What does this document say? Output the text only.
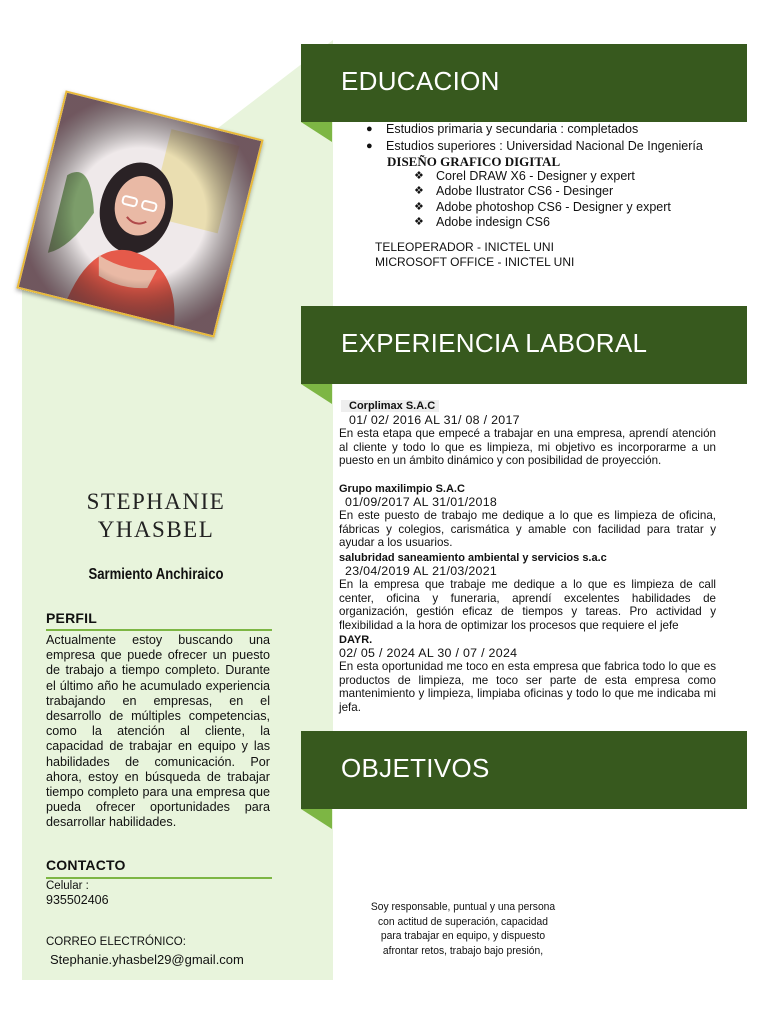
STEPHANIE
YHASBEL
Sarmiento Anchiraico
PERFIL
Actualmente estoy buscando una empresa que puede ofrecer un puesto de trabajo a tiempo completo. Durante el último año he acumulado experiencia trabajando en empresas, en el desarrollo de múltiples competencias, como la atención al cliente, la capacidad de trabajar en equipo y las habilidades de comunicación. Por ahora, estoy en búsqueda de trabajar tiempo completo para una empresa que pueda ofrecer oportunidades para desarrollar habilidades.
CONTACTO
Celular :
935502406
CORREO ELECTRÓNICO:
Stephanie.yhasbel29@gmail.com
EDUCACION
● Estudios primaria y secundaria : completados
● Estudios superiores : Universidad Nacional De Ingeniería
DISEÑO GRAFICO DIGITAL
❖ Corel DRAW X6 - Designer y expert
❖ Adobe Ilustrator CS6 - Desinger
❖ Adobe photoshop CS6 - Designer y expert
❖ Adobe indesign CS6
TELEOPERADOR - INICTEL UNI
MICROSOFT OFFICE - INICTEL UNI
EXPERIENCIA LABORAL
Corplimax S.A.C
01/ 02/ 2016 AL 31/ 08 / 2017
En esta etapa que empecé a trabajar en una empresa, aprendí atención al cliente y todo lo que es limpieza, mi objetivo es incorporarme a un puesto en un ámbito dinámico y con posibilidad de proyección.
Grupo maxilimpio S.A.C
01/09/2017 AL 31/01/2018
En este puesto de trabajo me dedique a lo que es limpieza de oficina, fábricas y colegios, carismática y amable con facilidad para tratar y ayudar a los usuarios.
salubridad saneamiento ambiental y servicios s.a.c
23/04/2019 AL 21/03/2021
En la empresa que trabaje me dedique a lo que es limpieza de call center, oficina y funeraria, aprendí excelentes habilidades de organización, gestión eficaz de tiempos y tareas. Pro actividad y flexibilidad a la hora de optimizar los procesos que requiere el jefe
DAYR.
02/ 05 / 2024 AL 30 / 07 / 2024
En esta oportunidad me toco en esta empresa que fabrica todo lo que es productos de limpieza, me toco ser parte de esta empresa como mantenimiento y limpieza, limpiaba oficinas y todo lo que me indicaba mi jefa.
OBJETIVOS
Soy responsable, puntual y una persona con actitud de superación, capacidad para trabajar en equipo, y dispuesto afrontar retos, trabajo bajo presión,
